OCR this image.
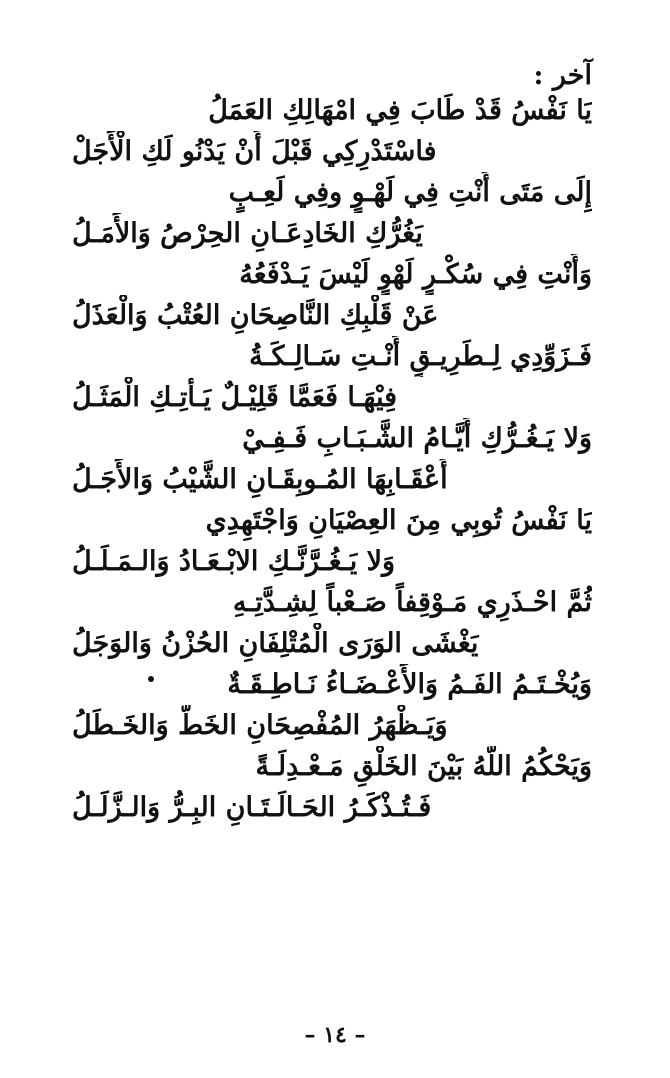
آخر :
يَا نَفْسُ قَدْ طَابَ فِي امْهَالِكِ العَمَلُ
فاسْتَدْرِكِي قَبْلَ أَنْ يَدْنُو لَكِ الْأَجَلْ
إِلَى مَتَى أَنْتِ فِي لَهْـوٍ وفِي لَعِـبٍ
يَغُرُّكِ الخَادِعَـانِ الحِرْصُ وَالأَمَـلُ
وَأَنْتِ فِي سُكْـرٍ لَهْوٍ لَيْسَ يَـدْفَعُهُ
عَنْ قَلْبِكِ النَّاصِحَانِ العُتْبُ وَالْعَذَلُ
فَـزَوِّدِي لِـطَرِيـقٍ أَنْـتِ سَـالِـكَـةُ
فِيْهَـا فَعَمَّا قَلِيْـلٌ يَـأْتِـكِ الْمَثَـلُ
وَلا يَـغُـرُّكِ أَيَّـامُ الشَّـبَـابِ فَـفِـيْ
أَعْقَـابِهَا المُـوبِقَـانِ الشَّيْبُ وَالأَجَـلُ
يَا نَفْسُ تُوبِي مِنَ العِصْيَانِ وَاجْتَهِدِي
وَلا يَـغُـرَّنَّـكِ الابْـعَـادُ وَالـمَـلَـلُ
ثُمَّ احْـذَرِي مَـوْقِفاً صَـعْباً لِشِـدَّتِـهِ
يَغْشَى الوَرَى الْمُتْلِفَانِ الحُزْنُ وَالوَجَلُ
وَيُخْـتَـمُ الفَـمُ وَالأَعْـضَـاءُ نَـاطِـقَـةٌ
وَيَـظْهَرُ المُفْصِحَانِ الخَطُّ وَالخَـطَلُ
وَيَحْكُمُ اللّهُ بَيْنَ الخَلْقِ مَـعْـدِلَـةً
فَـتُـذْكَـرُ الحَـالَـتَـانِ البِـرُّ وَالـزَّلَـلُ
– ١٤ –
